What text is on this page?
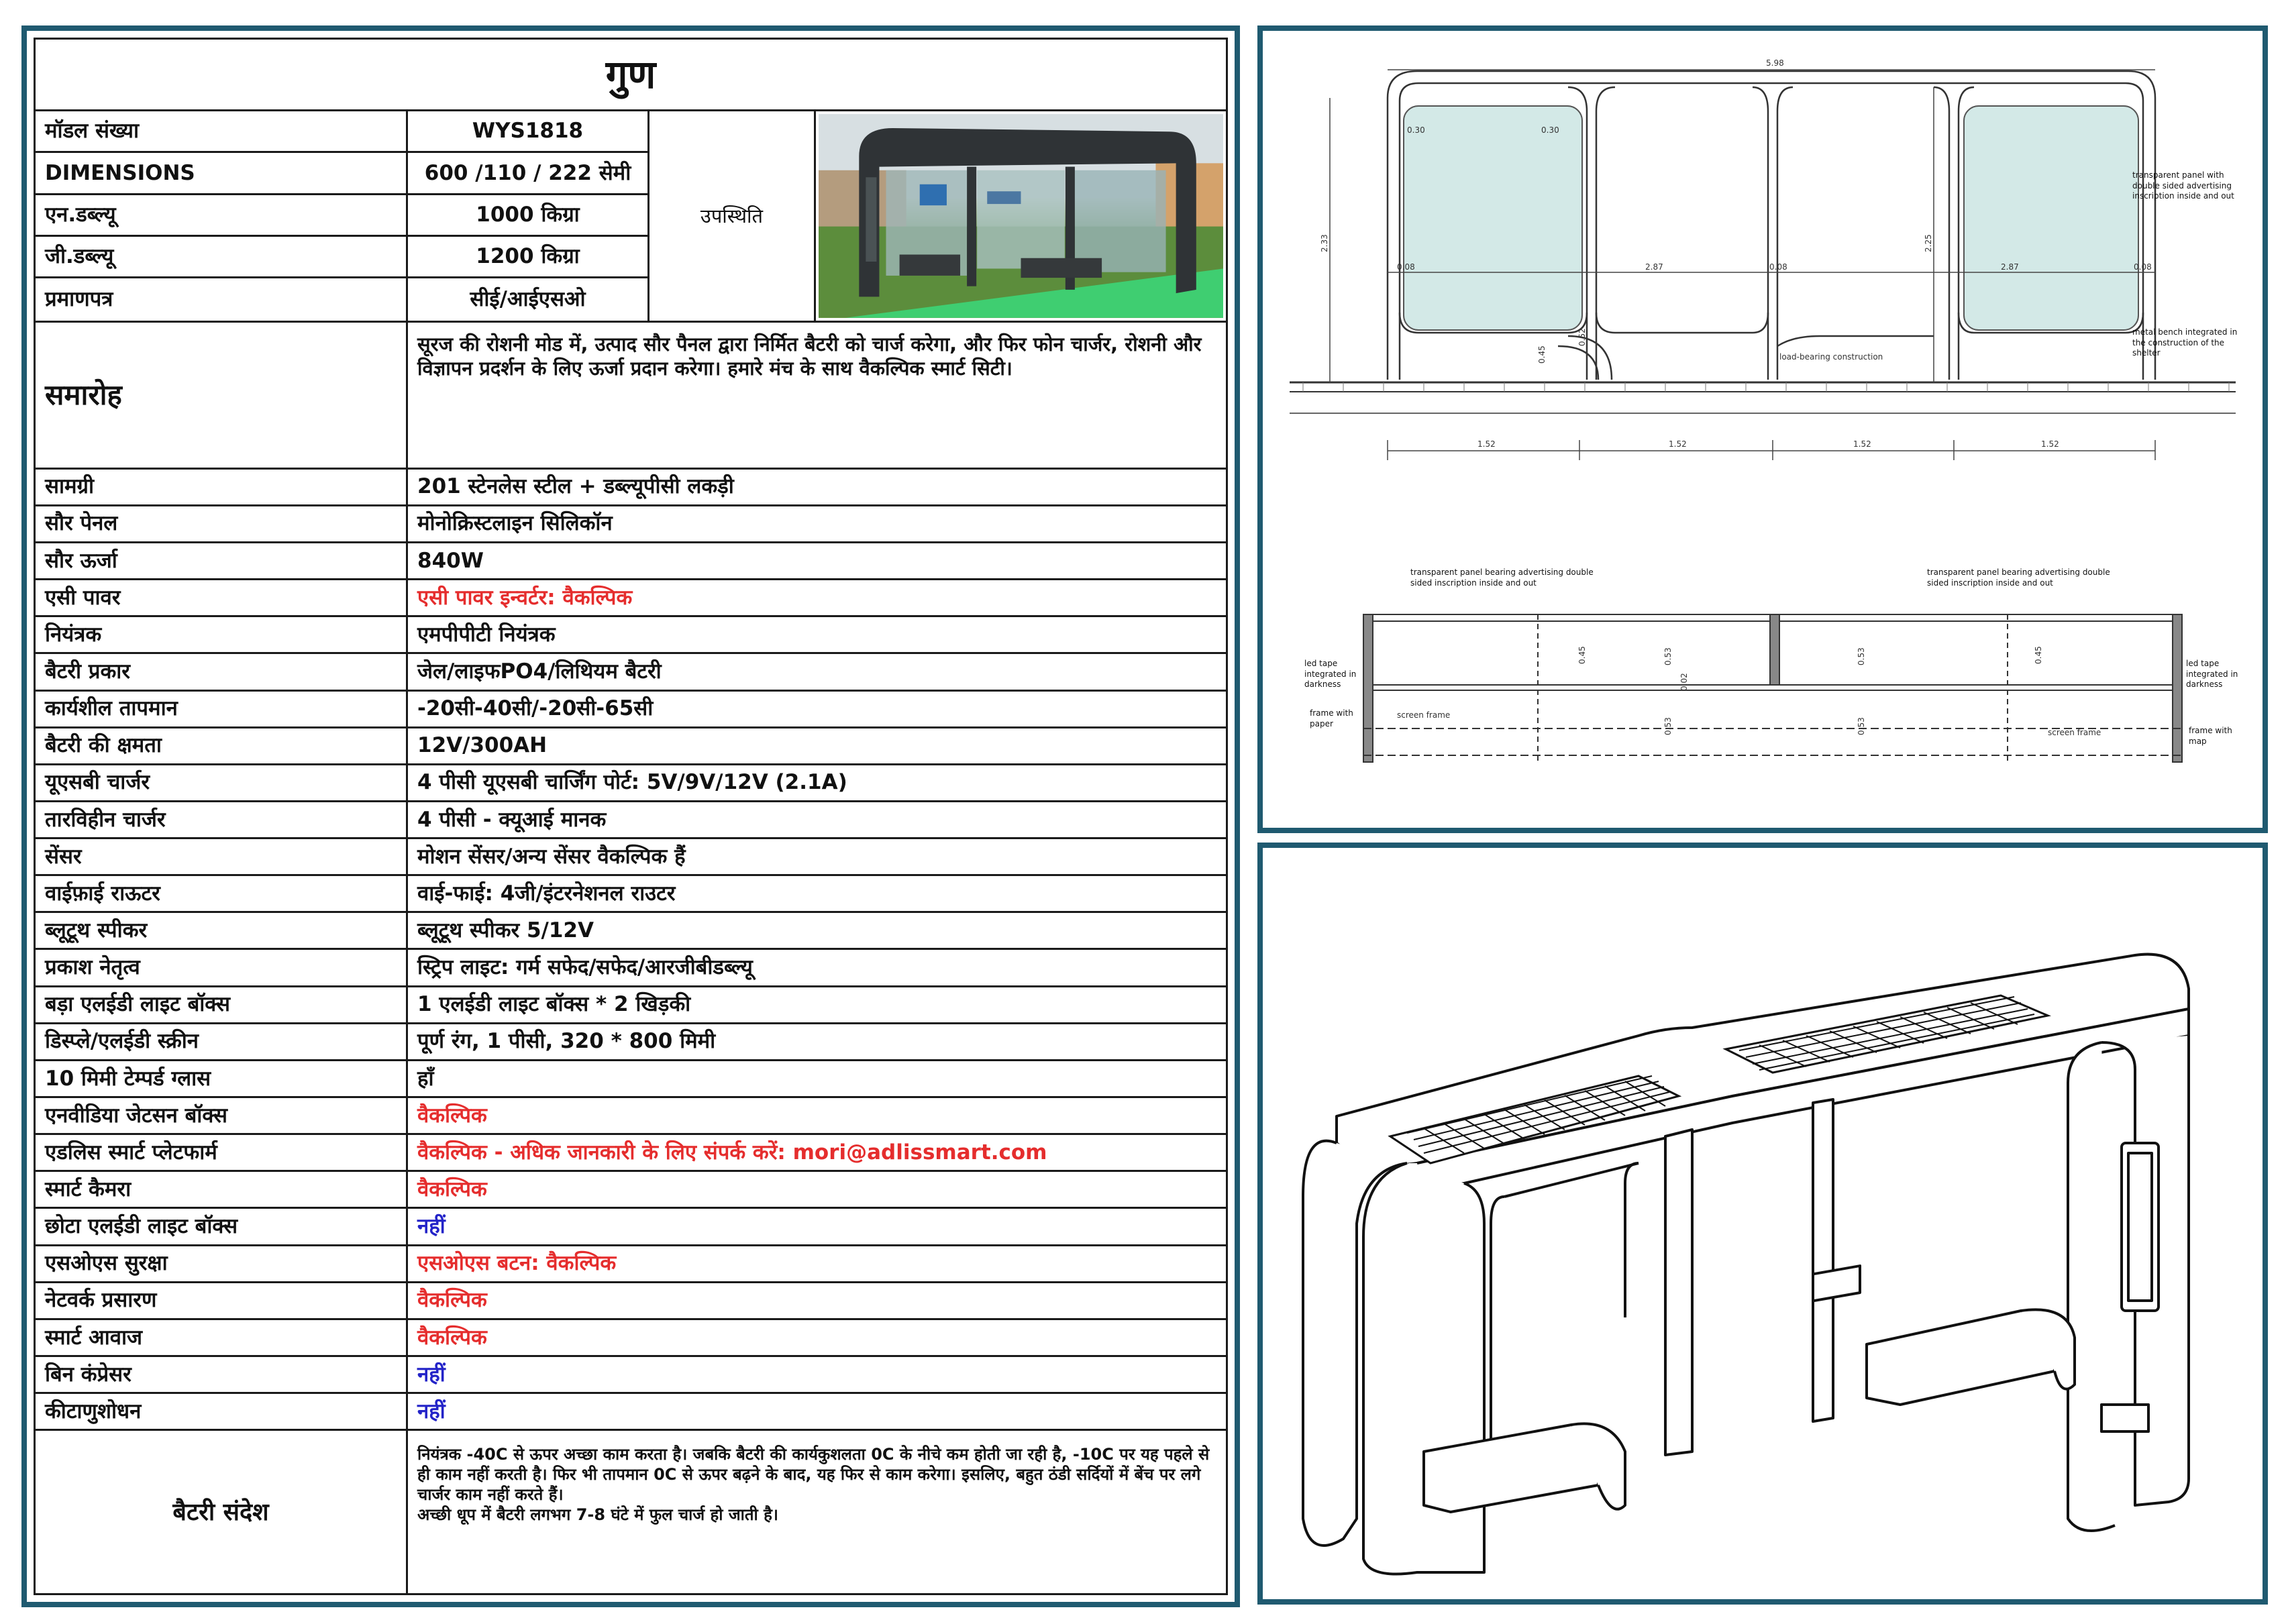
गुण			
मॉडल संख्या	WYS1818	उपस्थिति	

DIMENSIONS	600 /110 / 222 सेमी		
एन.डब्ल्यू	1000 किग्रा		
जी.डब्ल्यू	1200 किग्रा		
प्रमाणपत्र	सीई/आईएसओ		
समारोह	सूरज की रोशनी मोड में, उत्पाद सौर पैनल द्वारा निर्मित बैटरी को चार्ज करेगा, और फिर फोन चार्जर, रोशनी और विज्ञापन प्रदर्शन के लिए ऊर्जा प्रदान करेगा। हमारे मंच के साथ वैकल्पिक स्मार्ट सिटी।		
सामग्री	201 स्टेनलेस स्टील + डब्ल्यूपीसी लकड़ी		
सौर पेनल	मोनोक्रिस्टलाइन सिलिकॉन		
सौर ऊर्जा	840W		
एसी पावर	एसी पावर इन्वर्टर: वैकल्पिक		
नियंत्रक	एमपीपीटी नियंत्रक		
बैटरी प्रकार	जेल/लाइफPO4/लिथियम बैटरी		
कार्यशील तापमान	-20सी-40सी/-20सी-65सी		
बैटरी की क्षमता	12V/300AH		
यूएसबी चार्जर	4 पीसी यूएसबी चार्जिंग पोर्ट: 5V/9V/12V (2.1A)		
तारविहीन चार्जर	4 पीसी - क्यूआई मानक		
सेंसर	मोशन सेंसर/अन्य सेंसर वैकल्पिक हैं		
वाईफ़ाई राऊटर	वाई-फाई: 4जी/इंटरनेशनल राउटर		
ब्लूटूथ स्पीकर	ब्लूटूथ स्पीकर 5/12V		
प्रकाश नेतृत्व	स्ट्रिप लाइट: गर्म सफेद/सफेद/आरजीबीडब्ल्यू		
बड़ा एलईडी लाइट बॉक्स	1 एलईडी लाइट बॉक्स * 2 खिड़की		
डिस्प्ले/एलईडी स्क्रीन	पूर्ण रंग, 1 पीसी, 320 * 800 मिमी		
10 मिमी टेम्पर्ड ग्लास	हाँ		
एनवीडिया जेटसन बॉक्स	वैकल्पिक		
एडलिस स्मार्ट प्लेटफार्म	वैकल्पिक - अधिक जानकारी के लिए संपर्क करें: mori@adlissmart.com		
स्मार्ट कैमरा	वैकल्पिक		
छोटा एलईडी लाइट बॉक्स	नहीं		
एसओएस सुरक्षा	एसओएस बटन: वैकल्पिक		
नेटवर्क प्रसारण	वैकल्पिक		
स्मार्ट आवाज	वैकल्पिक		
बिन कंप्रेसर	नहीं		
कीटाणुशोधन	नहीं		
बैटरी संदेश	नियंत्रक -40C से ऊपर अच्छा काम करता है। जबकि बैटरी की कार्यकुशलता 0C के नीचे कम होती जा रही है, -10C पर यह पहले से ही काम नहीं करती है। फिर भी तापमान 0C से ऊपर बढ़ने के बाद, यह फिर से काम करेगा। इसलिए, बहुत ठंडी सर्दियों में बेंच पर लगे चार्जर काम नहीं करते हैं।
अच्छी धूप में बैटरी लगभग 7-8 घंटे में फुल चार्ज हो जाती है।		
5.98
2.33	2.25
0.30	0.30
0.08	0.08	0.08
2.87	2.87
0.45
0.52
1.52	1.52	1.52	1.52
transparent panel with double sided advertising inscription inside and out
metal bench integrated in the construction of the shelter
load-bearing construction
transparent panel bearing advertising double sided inscription inside and out
transparent panel bearing advertising double sided inscription inside and out
led tape integrated in darkness
led tape integrated in darkness
frame with paper
frame with map
screen frame
screen frame
0.45	0.45
0.53
0.53
0.53
0.53
0.02
